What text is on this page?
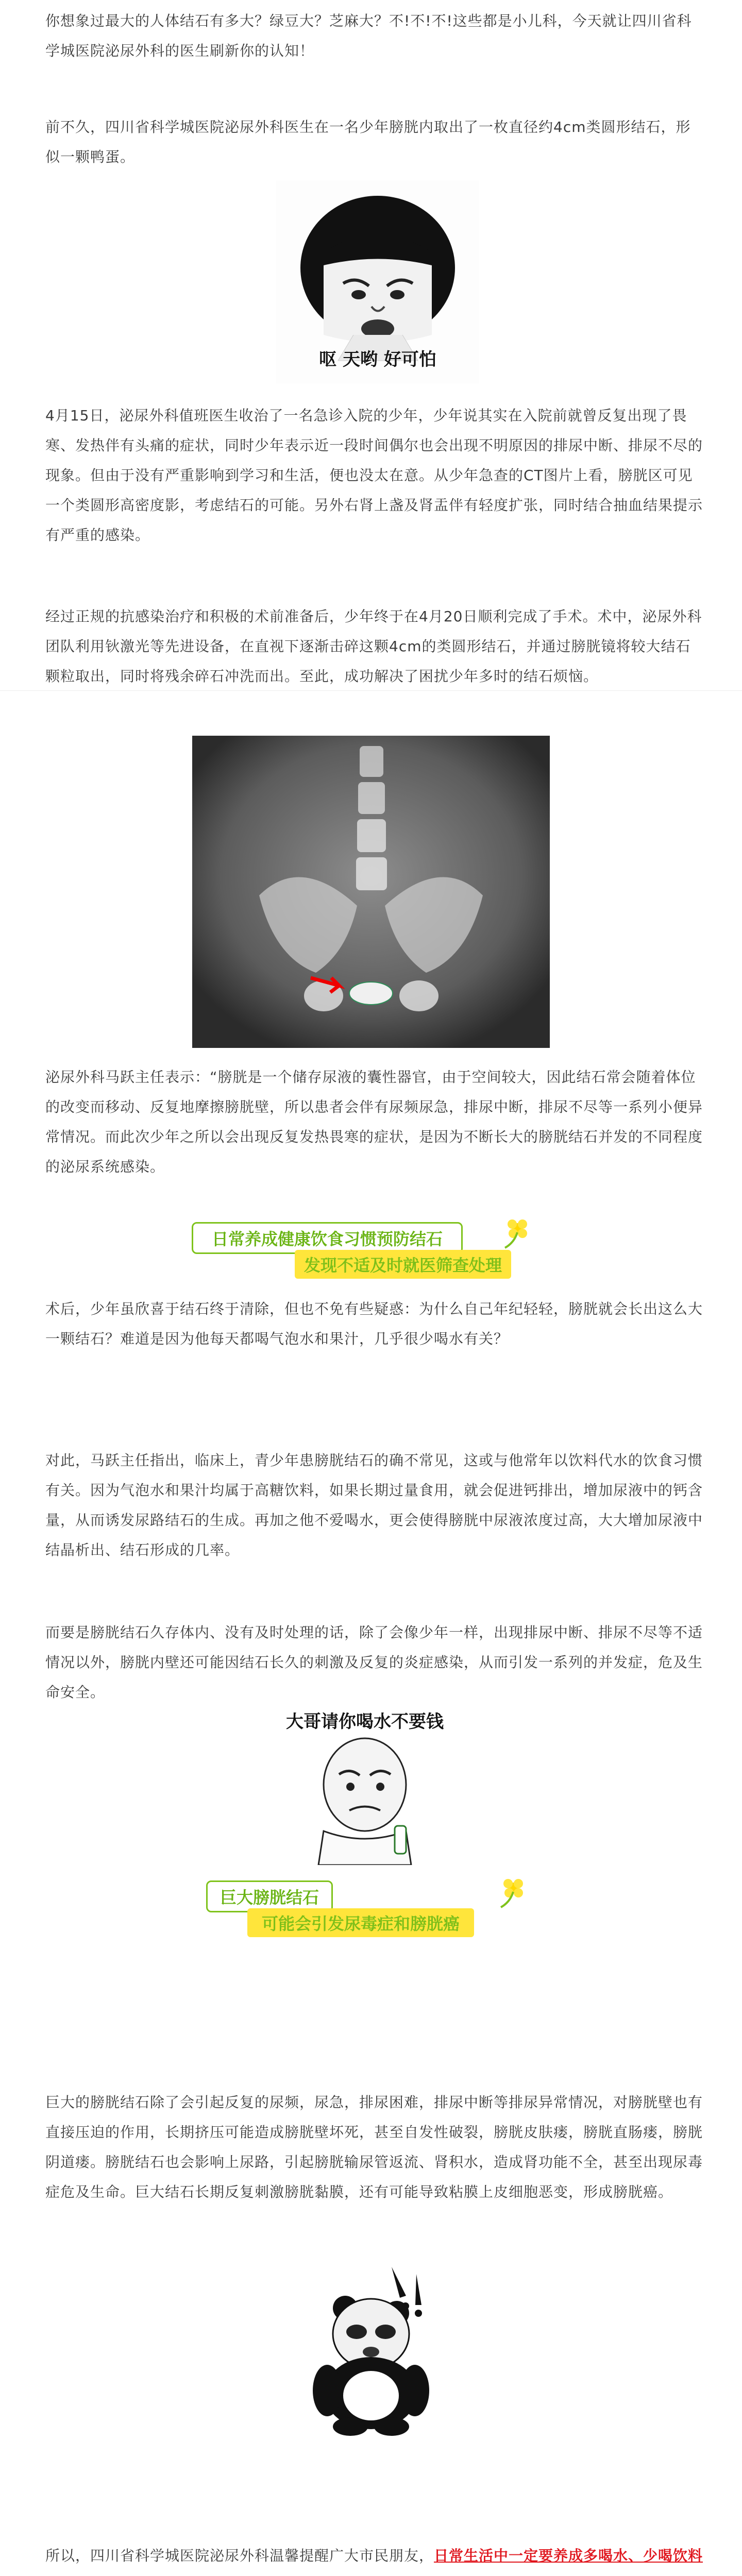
你想象过最大的人体结石有多大？绿豆大？芝麻大？不!不!不!这些都是小儿科，今天就让四川省科学城医院泌尿外科的医生刷新你的认知！

前不久，四川省科学城医院泌尿外科医生在一名少年膀胱内取出了一枚直径约4cm类圆形结石，形似一颗鸭蛋。

呕 天哟 好可怕

4月15日，泌尿外科值班医生收治了一名急诊入院的少年，少年说其实在入院前就曾反复出现了畏寒、发热伴有头痛的症状，同时少年表示近一段时间偶尔也会出现不明原因的排尿中断、排尿不尽的现象。但由于没有严重影响到学习和生活，便也没太在意。从少年急查的CT图片上看，膀胱区可见一个类圆形高密度影，考虑结石的可能。另外右肾上盏及肾盂伴有轻度扩张，同时结合抽血结果提示有严重的感染。

经过正规的抗感染治疗和积极的术前准备后，少年终于在4月20日顺利完成了手术。术中，泌尿外科团队利用钬激光等先进设备，在直视下逐渐击碎这颗4cm的类圆形结石，并通过膀胱镜将较大结石颗粒取出，同时将残余碎石冲洗而出。至此，成功解决了困扰少年多时的结石烦恼。

泌尿外科马跃主任表示：“膀胱是一个储存尿液的囊性器官，由于空间较大，因此结石常会随着体位的改变而移动、反复地摩擦膀胱壁，所以患者会伴有尿频尿急，排尿中断，排尿不尽等一系列小便异常情况。而此次少年之所以会出现反复发热畏寒的症状，是因为不断长大的膀胱结石并发的不同程度的泌尿系统感染。

日常养成健康饮食习惯预防结石
发现不适及时就医筛查处理

术后，少年虽欣喜于结石终于清除，但也不免有些疑惑：为什么自己年纪轻轻，膀胱就会长出这么大一颗结石？难道是因为他每天都喝气泡水和果汁，几乎很少喝水有关？

对此，马跃主任指出，临床上，青少年患膀胱结石的确不常见，这或与他常年以饮料代水的饮食习惯有关。因为气泡水和果汁均属于高糖饮料，如果长期过量食用，就会促进钙排出，增加尿液中的钙含量，从而诱发尿路结石的生成。再加之他不爱喝水，更会使得膀胱中尿液浓度过高，大大增加尿液中结晶析出、结石形成的几率。

而要是膀胱结石久存体内、没有及时处理的话，除了会像少年一样，出现排尿中断、排尿不尽等不适情况以外，膀胱内壁还可能因结石长久的刺激及反复的炎症感染，从而引发一系列的并发症，危及生命安全。

大哥请你喝水不要钱
巨大膀胱结石
可能会引发尿毒症和膀胱癌

巨大的膀胱结石除了会引起反复的尿频，尿急，排尿困难，排尿中断等排尿异常情况，对膀胱壁也有直接压迫的作用，长期挤压可能造成膀胱壁坏死，甚至自发性破裂，膀胱皮肤瘘，膀胱直肠瘘，膀胱阴道瘘。膀胱结石也会影响上尿路，引起膀胱输尿管返流、肾积水，造成肾功能不全，甚至出现尿毒症危及生命。巨大结石长期反复刺激膀胱黏膜，还有可能导致粘膜上皮细胞恶变，形成膀胱癌。

所以，四川省科学城医院泌尿外科温馨提醒广大市民朋友，日常生活中一定要养成多喝水、少喝饮料
